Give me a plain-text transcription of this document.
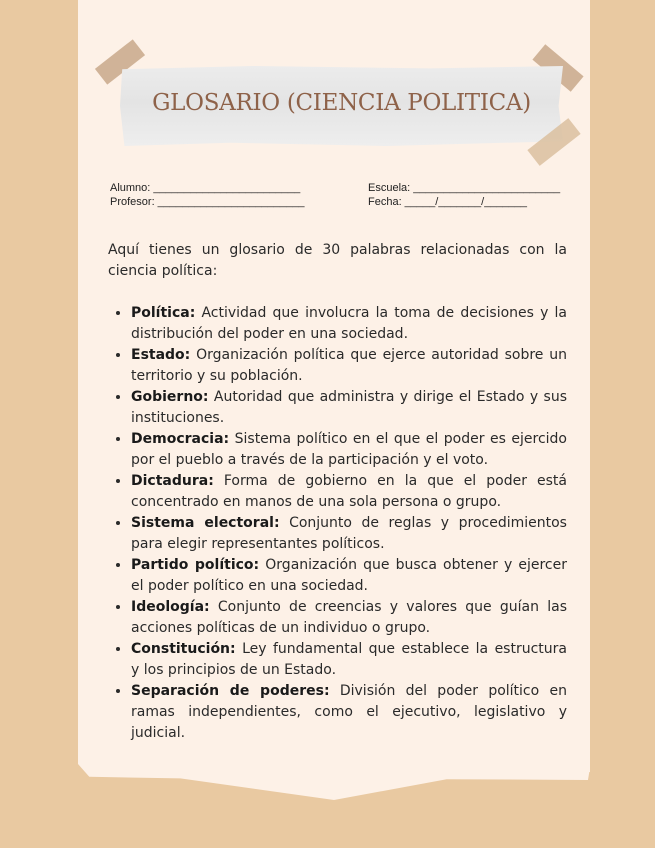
GLOSARIO (CIENCIA POLITICA)
Alumno: ________________________
Profesor: ________________________
Escuela: ________________________
Fecha: _____/_______/_______

Aquí tienes un glosario de 30 palabras relacionadas con la ciencia política:

• Política: Actividad que involucra la toma de decisiones y la distribución del poder en una sociedad.
• Estado: Organización política que ejerce autoridad sobre un territorio y su población.
• Gobierno: Autoridad que administra y dirige el Estado y sus instituciones.
• Democracia: Sistema político en el que el poder es ejercido por el pueblo a través de la participación y el voto.
• Dictadura: Forma de gobierno en la que el poder está concentrado en manos de una sola persona o grupo.
• Sistema electoral: Conjunto de reglas y procedimientos para elegir representantes políticos.
• Partido político: Organización que busca obtener y ejercer el poder político en una sociedad.
• Ideología: Conjunto de creencias y valores que guían las acciones políticas de un individuo o grupo.
• Constitución: Ley fundamental que establece la estructura y los principios de un Estado.
• Separación de poderes: División del poder político en ramas independientes, como el ejecutivo, legislativo y judicial.
